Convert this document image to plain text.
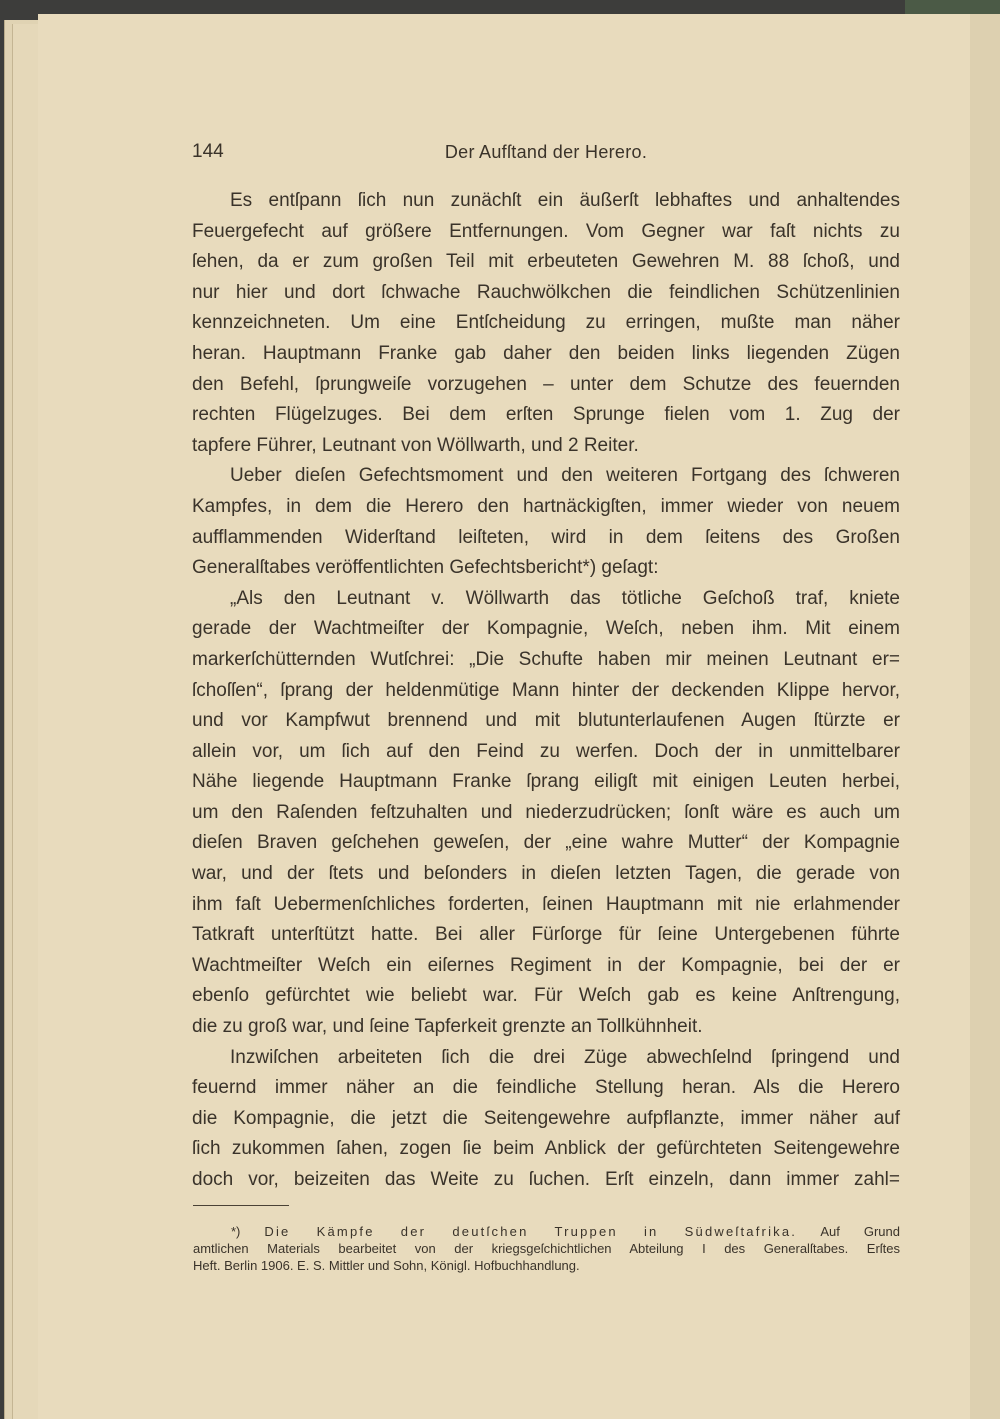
144	Der Aufſtand der Herero.
Es entſpann ſich nun zunächſt ein äußerſt lebhaftes und anhaltendes
Feuergefecht auf größere Entfernungen. Vom Gegner war faſt nichts zu
ſehen, da er zum großen Teil mit erbeuteten Gewehren M. 88 ſchoß, und
nur hier und dort ſchwache Rauchwölkchen die feindlichen Schützenlinien
kennzeichneten. Um eine Entſcheidung zu erringen, mußte man näher
heran. Hauptmann Franke gab daher den beiden links liegenden Zügen
den Befehl, ſprungweiſe vorzugehen – unter dem Schutze des feuernden
rechten Flügelzuges. Bei dem erſten Sprunge fielen vom 1. Zug der
tapfere Führer, Leutnant von Wöllwarth, und 2 Reiter.
Ueber dieſen Gefechtsmoment und den weiteren Fortgang des ſchweren
Kampfes, in dem die Herero den hartnäckigſten, immer wieder von neuem
aufflammenden Widerſtand leiſteten, wird in dem ſeitens des Großen
Generalſtabes veröffentlichten Gefechtsbericht*) geſagt:
„Als den Leutnant v. Wöllwarth das tötliche Geſchoß traf, kniete
gerade der Wachtmeiſter der Kompagnie, Weſch, neben ihm. Mit einem
markerſchütternden Wutſchrei: „Die Schufte haben mir meinen Leutnant er=
ſchoſſen“, ſprang der heldenmütige Mann hinter der deckenden Klippe hervor,
und vor Kampfwut brennend und mit blutunterlaufenen Augen ſtürzte er
allein vor, um ſich auf den Feind zu werfen. Doch der in unmittelbarer
Nähe liegende Hauptmann Franke ſprang eiligſt mit einigen Leuten herbei,
um den Raſenden feſtzuhalten und niederzudrücken; ſonſt wäre es auch um
dieſen Braven geſchehen geweſen, der „eine wahre Mutter“ der Kompagnie
war, und der ſtets und beſonders in dieſen letzten Tagen, die gerade von
ihm faſt Uebermenſchliches forderten, ſeinen Hauptmann mit nie erlahmender
Tatkraft unterſtützt hatte. Bei aller Fürſorge für ſeine Untergebenen führte
Wachtmeiſter Weſch ein eiſernes Regiment in der Kompagnie, bei der er
ebenſo gefürchtet wie beliebt war. Für Weſch gab es keine Anſtrengung,
die zu groß war, und ſeine Tapferkeit grenzte an Tollkühnheit.
Inzwiſchen arbeiteten ſich die drei Züge abwechſelnd ſpringend und
feuernd immer näher an die feindliche Stellung heran. Als die Herero
die Kompagnie, die jetzt die Seitengewehre aufpflanzte, immer näher auf
ſich zukommen ſahen, zogen ſie beim Anblick der gefürchteten Seitengewehre
doch vor, beizeiten das Weite zu ſuchen. Erſt einzeln, dann immer zahl=
*) Die Kämpfe der deutſchen Truppen in Südweſtafrika. Auf Grund
amtlichen Materials bearbeitet von der kriegsgeſchichtlichen Abteilung I des Generalſtabes. Erſtes
Heft. Berlin 1906. E. S. Mittler und Sohn, Königl. Hofbuchhandlung.
